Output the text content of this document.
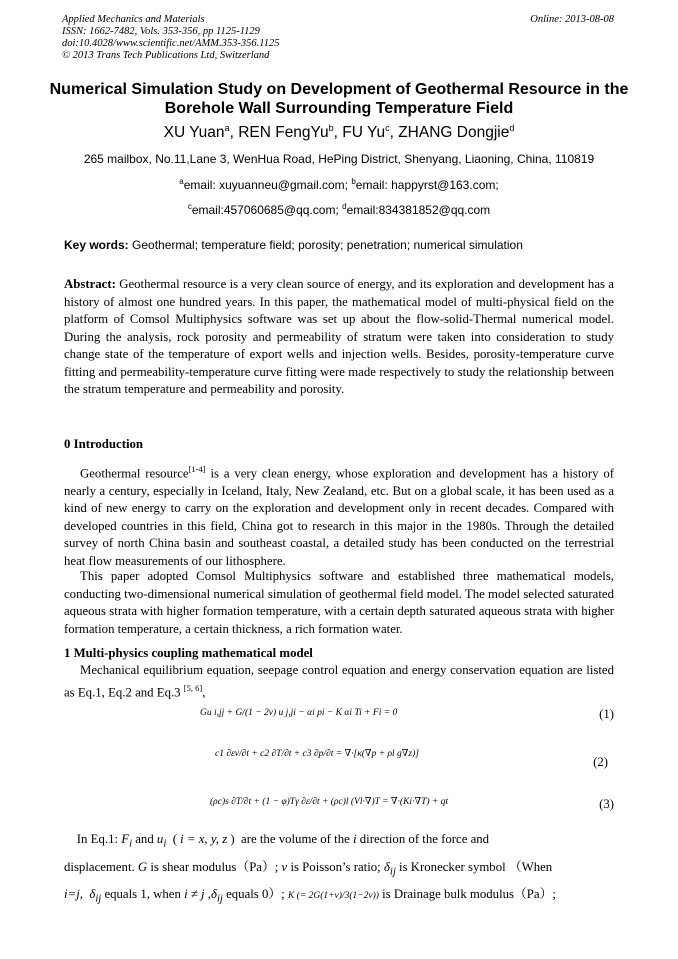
Applied Mechanics and Materials
ISSN: 1662-7482, Vols. 353-356, pp 1125-1129
doi:10.4028/www.scientific.net/AMM.353-356.1125
© 2013 Trans Tech Publications Ltd, Switzerland
Online: 2013-08-08
Numerical Simulation Study on Development of Geothermal Resource in the Borehole Wall Surrounding Temperature Field
XU Yuan$^a$, REN FengYu$^b$, FU Yu$^c$, ZHANG Dongjie$^d$
265 mailbox, No.11,Lane 3, WenHua Road, HePing District, Shenyang, Liaoning, China, 110819
$^a$email: xuyuanneu@gmail.com; $^b$email: happyrst@163.com;
$^c$email:457060685@qq.com; $^d$email:834381852@qq.com
Key words: Geothermal; temperature field; porosity; penetration; numerical simulation
Abstract: Geothermal resource is a very clean source of energy, and its exploration and development has a history of almost one hundred years. In this paper, the mathematical model of multi-physical field on the platform of Comsol Multiphysics software was set up about the flow-solid-Thermal numerical model. During the analysis, rock porosity and permeability of stratum were taken into consideration to study change state of the temperature of export wells and injection wells. Besides, porosity-temperature curve fitting and permeability-temperature curve fitting were made respectively to study the relationship between the stratum temperature and permeability and porosity.
0 Introduction
Geothermal resource[1-4] is a very clean energy, whose exploration and development has a history of nearly a century, especially in Iceland, Italy, New Zealand, etc. But on a global scale, it has been used as a kind of new energy to carry on the exploration and development only in recent decades. Compared with developed countries in this field, China got to research in this major in the 1980s. Through the detailed survey of north China basin and southeast coastal, a detailed study has been conducted on the terrestrial heat flow measurements of our lithosphere.
This paper adopted Comsol Multiphysics software and established three mathematical models, conducting two-dimensional numerical simulation of geothermal field model. The model selected saturated aqueous strata with higher formation temperature, with a certain depth saturated aqueous strata with higher formation temperature, a certain thickness, a rich formation water.
1 Multi-physics coupling mathematical model
Mechanical equilibrium equation, seepage control equation and energy conservation equation are listed as Eq.1, Eq.2 and Eq.3 [5, 6],
Gu i,jj + G/(1 − 2v) u j,ji − αi pi − K αi Ti + Fi = 0	(1)
c1 ∂εv/∂t + c2 ∂T/∂t + c3 ∂p/∂t = ∇·[κ(∇p + ρl g∇z)]
(2)
(ρc)s ∂T/∂t + (1 − φ)Tγ ∂ε/∂t + (ρc)l (Vl·∇)T = ∇·(Ki·∇T) + qt	(3)
In Eq.1: $F_i$ and $u_i$  ( i = x, y, z )  are the volume of the i direction of the force and
displacement. G is shear modulus（Pa）; v is Poisson’s ratio; $\delta_{ij}$ is Kronecker symbol （When
i=j,  $\delta_{ij}$ equals 1, when i ≠ j $,\delta_{ij}$ equals 0）; K (= 2G(1+v)/3(1−2v)) is Drainage bulk modulus（Pa）;
